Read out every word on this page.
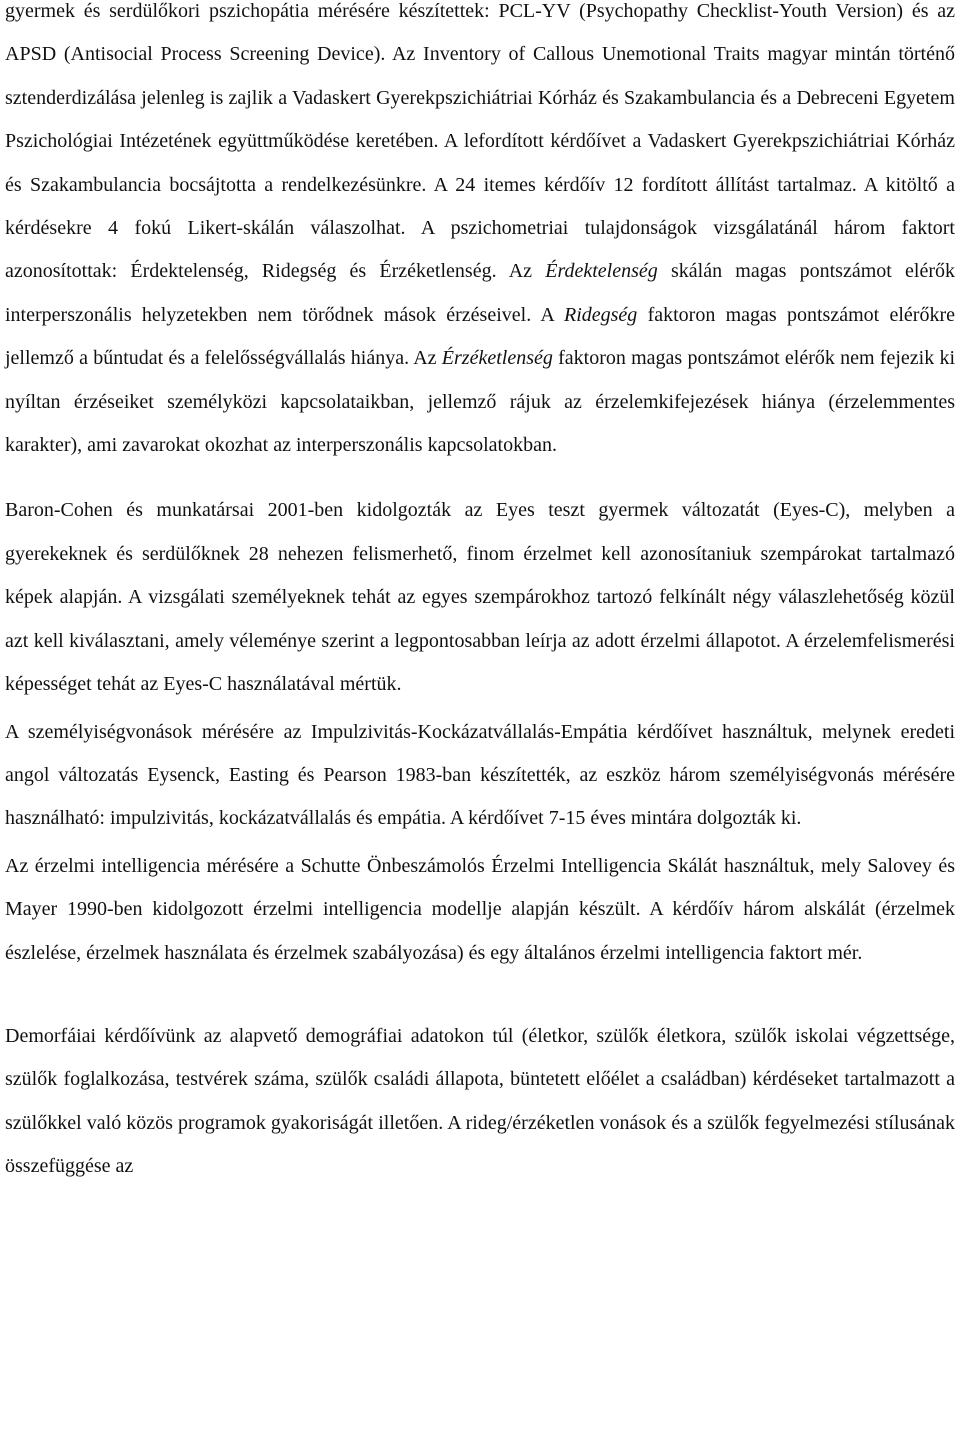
gyermek és serdülőkori pszichopátia mérésére készítettek: PCL-YV (Psychopathy Checklist-Youth Version) és az APSD (Antisocial Process Screening Device). Az Inventory of Callous Unemotional Traits magyar mintán történő sztenderdizálása jelenleg is zajlik a Vadaskert Gyerekpszichiátriai Kórház és Szakambulancia és a Debreceni Egyetem Pszichológiai Intézetének együttműködése keretében. A lefordított kérdőívet a Vadaskert Gyerekpszichiátriai Kórház és Szakambulancia bocsájtotta a rendelkezésünkre. A 24 itemes kérdőív 12 fordított állítást tartalmaz. A kitöltő a kérdésekre 4 fokú Likert-skálán válaszolhat. A pszichometriai tulajdonságok vizsgálatánál három faktort azonosítottak: Érdektelenség, Ridegség és Érzéketlenség. Az Érdektelenség skálán magas pontszámot elérők interperszonális helyzetekben nem törődnek mások érzéseivel. A Ridegség faktoron magas pontszámot elérőkre jellemző a bűntudat és a felelősségvállalás hiánya. Az Érzéketlenség faktoron magas pontszámot elérők nem fejezik ki nyíltan érzéseiket személyközi kapcsolataikban, jellemző rájuk az érzelemkifejezések hiánya (érzelemmentes karakter), ami zavarokat okozhat az interperszonális kapcsolatokban.

Baron-Cohen és munkatársai 2001-ben kidolgozták az Eyes teszt gyermek változatát (Eyes-C), melyben a gyerekeknek és serdülőknek 28 nehezen felismerhető, finom érzelmet kell azonosítaniuk szempárokat tartalmazó képek alapján. A vizsgálati személyeknek tehát az egyes szempárokhoz tartozó felkínált négy válaszlehetőség közül azt kell kiválasztani, amely véleménye szerint a legpontosabban leírja az adott érzelmi állapotot. A érzelemfelismerési képességet tehát az Eyes-C használatával mértük.

A személyiségvonások mérésére az Impulzivitás-Kockázatvállalás-Empátia kérdőívet használtuk, melynek eredeti angol változatás Eysenck, Easting és Pearson 1983-ban készítették, az eszköz három személyiségvonás mérésére használható: impulzivitás, kockázatvállalás és empátia. A kérdőívet 7-15 éves mintára dolgozták ki.

Az érzelmi intelligencia mérésére a Schutte Önbeszámolós Érzelmi Intelligencia Skálát használtuk, mely Salovey és Mayer 1990-ben kidolgozott érzelmi intelligencia modellje alapján készült. A kérdőív három alskálát (érzelmek észlelése, érzelmek használata és érzelmek szabályozása) és egy általános érzelmi intelligencia faktort mér.

Demorfáiai kérdőívünk az alapvető demográfiai adatokon túl (életkor, szülők életkora, szülők iskolai végzettsége, szülők foglalkozása, testvérek száma, szülők családi állapota, büntetett előélet a családban) kérdéseket tartalmazott a szülőkkel való közös programok gyakoriságát illetően. A rideg/érzéketlen vonások és a szülők fegyelmezési stílusának összefüggése az
